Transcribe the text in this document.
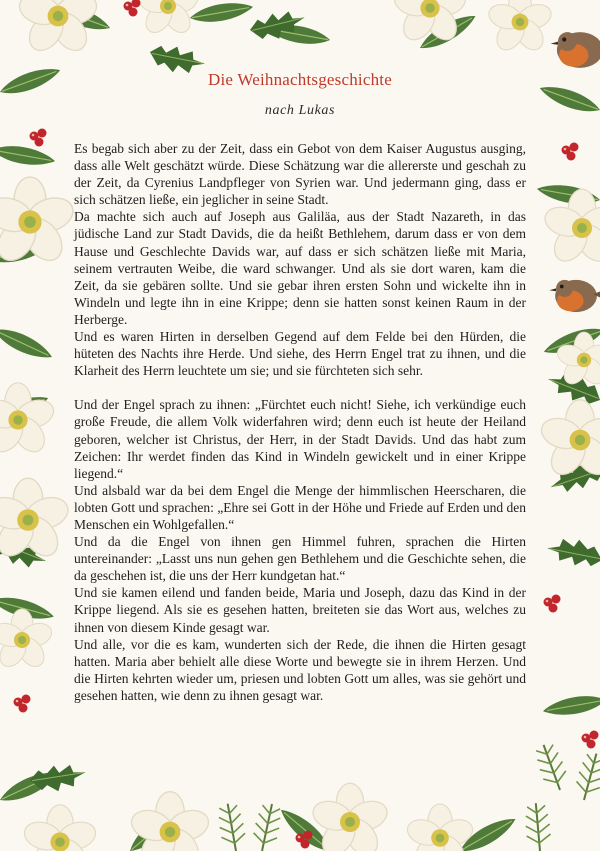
Die Weihnachtsgeschichte
nach Lukas

Es begab sich aber zu der Zeit, dass ein Gebot von dem Kaiser Augustus ausging, dass alle Welt geschätzt würde. Diese Schätzung war die allererste und geschah zu der Zeit, da Cyrenius Landpfleger von Syrien war. Und jedermann ging, dass er sich schätzen ließe, ein jeglicher in seine Stadt.

Da machte sich auch auf Joseph aus Galiläa, aus der Stadt Nazareth, in das jüdische Land zur Stadt Davids, die da heißt Bethlehem, darum dass er von dem Hause und Geschlechte Davids war, auf dass er sich schätzen ließe mit Maria, seinem vertrauten Weibe, die ward schwanger. Und als sie dort waren, kam die Zeit, da sie gebären sollte. Und sie gebar ihren ersten Sohn und wickelte ihn in Windeln und legte ihn in eine Krippe; denn sie hatten sonst keinen Raum in der Herberge.

Und es waren Hirten in derselben Gegend auf dem Felde bei den Hürden, die hüteten des Nachts ihre Herde. Und siehe, des Herrn Engel trat zu ihnen, und die Klarheit des Herrn leuchtete um sie; und sie fürchteten sich sehr.

Und der Engel sprach zu ihnen: „Fürchtet euch nicht! Siehe, ich verkündige euch große Freude, die allem Volk widerfahren wird; denn euch ist heute der Heiland geboren, welcher ist Christus, der Herr, in der Stadt Davids. Und das habt zum Zeichen: Ihr werdet finden das Kind in Windeln gewickelt und in einer Krippe liegend.“

Und alsbald war da bei dem Engel die Menge der himmlischen Heerscharen, die lobten Gott und sprachen: „Ehre sei Gott in der Höhe und Friede auf Erden und den Menschen ein Wohlgefallen.“

Und da die Engel von ihnen gen Himmel fuhren, sprachen die Hirten untereinander: „Lasst uns nun gehen gen Bethlehem und die Geschichte sehen, die da geschehen ist, die uns der Herr kundgetan hat.“

Und sie kamen eilend und fanden beide, Maria und Joseph, dazu das Kind in der Krippe liegend. Als sie es gesehen hatten, breiteten sie das Wort aus, welches zu ihnen von diesem Kinde gesagt war.

Und alle, vor die es kam, wunderten sich der Rede, die ihnen die Hirten gesagt hatten. Maria aber behielt alle diese Worte und bewegte sie in ihrem Herzen. Und die Hirten kehrten wieder um, priesen und lobten Gott um alles, was sie gehört und gesehen hatten, wie denn zu ihnen gesagt war.
